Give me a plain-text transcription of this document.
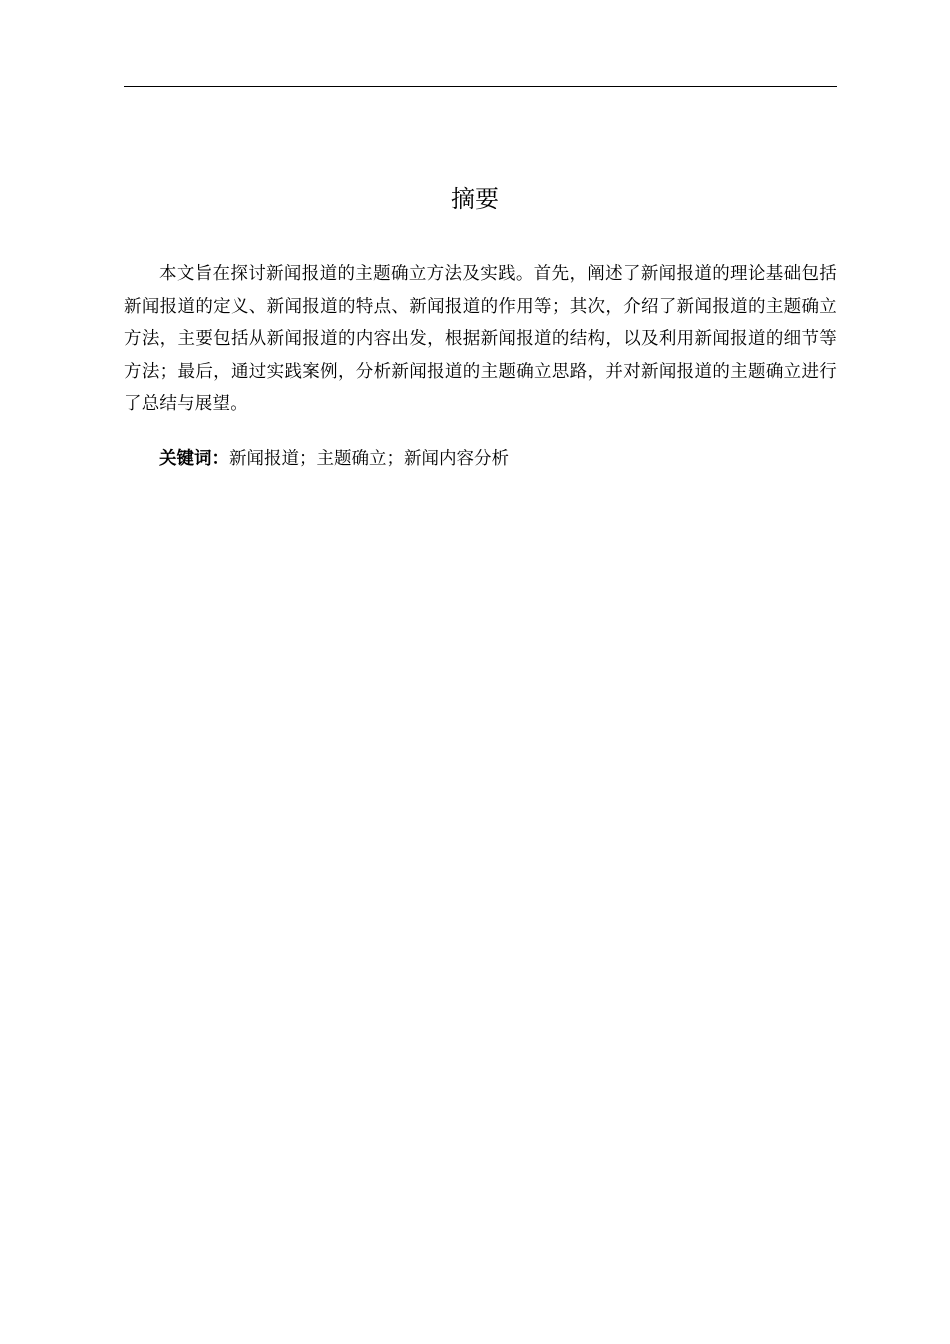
摘要

本文旨在探讨新闻报道的主题确立方法及实践。首先，阐述了新闻报道的理论基础包括新闻报道的定义、新闻报道的特点、新闻报道的作用等；其次，介绍了新闻报道的主题确立方法，主要包括从新闻报道的内容出发，根据新闻报道的结构，以及利用新闻报道的细节等方法；最后，通过实践案例，分析新闻报道的主题确立思路，并对新闻报道的主题确立进行了总结与展望。

关键词：新闻报道；主题确立；新闻内容分析
